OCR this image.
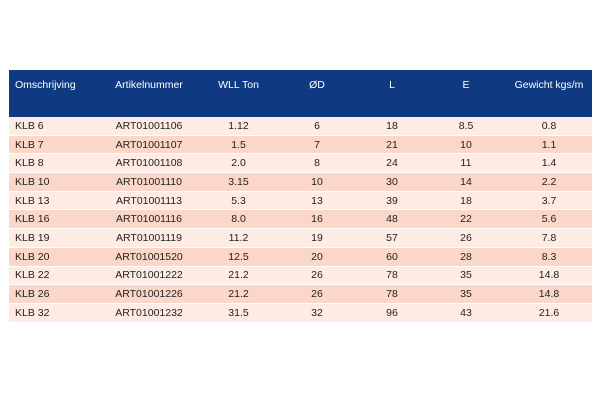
Omschrijving	Artikelnummer	WLL Ton	ØD	L	E	Gewicht kgs/m
KLB 6	ART01001106	1.12	6	18	8.5	0.8
KLB 7	ART01001107	1.5	7	21	10	1.1
KLB 8	ART01001108	2.0	8	24	11	1.4
KLB 10	ART01001110	3.15	10	30	14	2.2
KLB 13	ART01001113	5.3	13	39	18	3.7
KLB 16	ART01001116	8.0	16	48	22	5.6
KLB 19	ART01001119	11.2	19	57	26	7.8
KLB 20	ART01001520	12.5	20	60	28	8.3
KLB 22	ART01001222	21.2	26	78	35	14.8
KLB 26	ART01001226	21.2	26	78	35	14.8
KLB 32	ART01001232	31.5	32	96	43	21.6
